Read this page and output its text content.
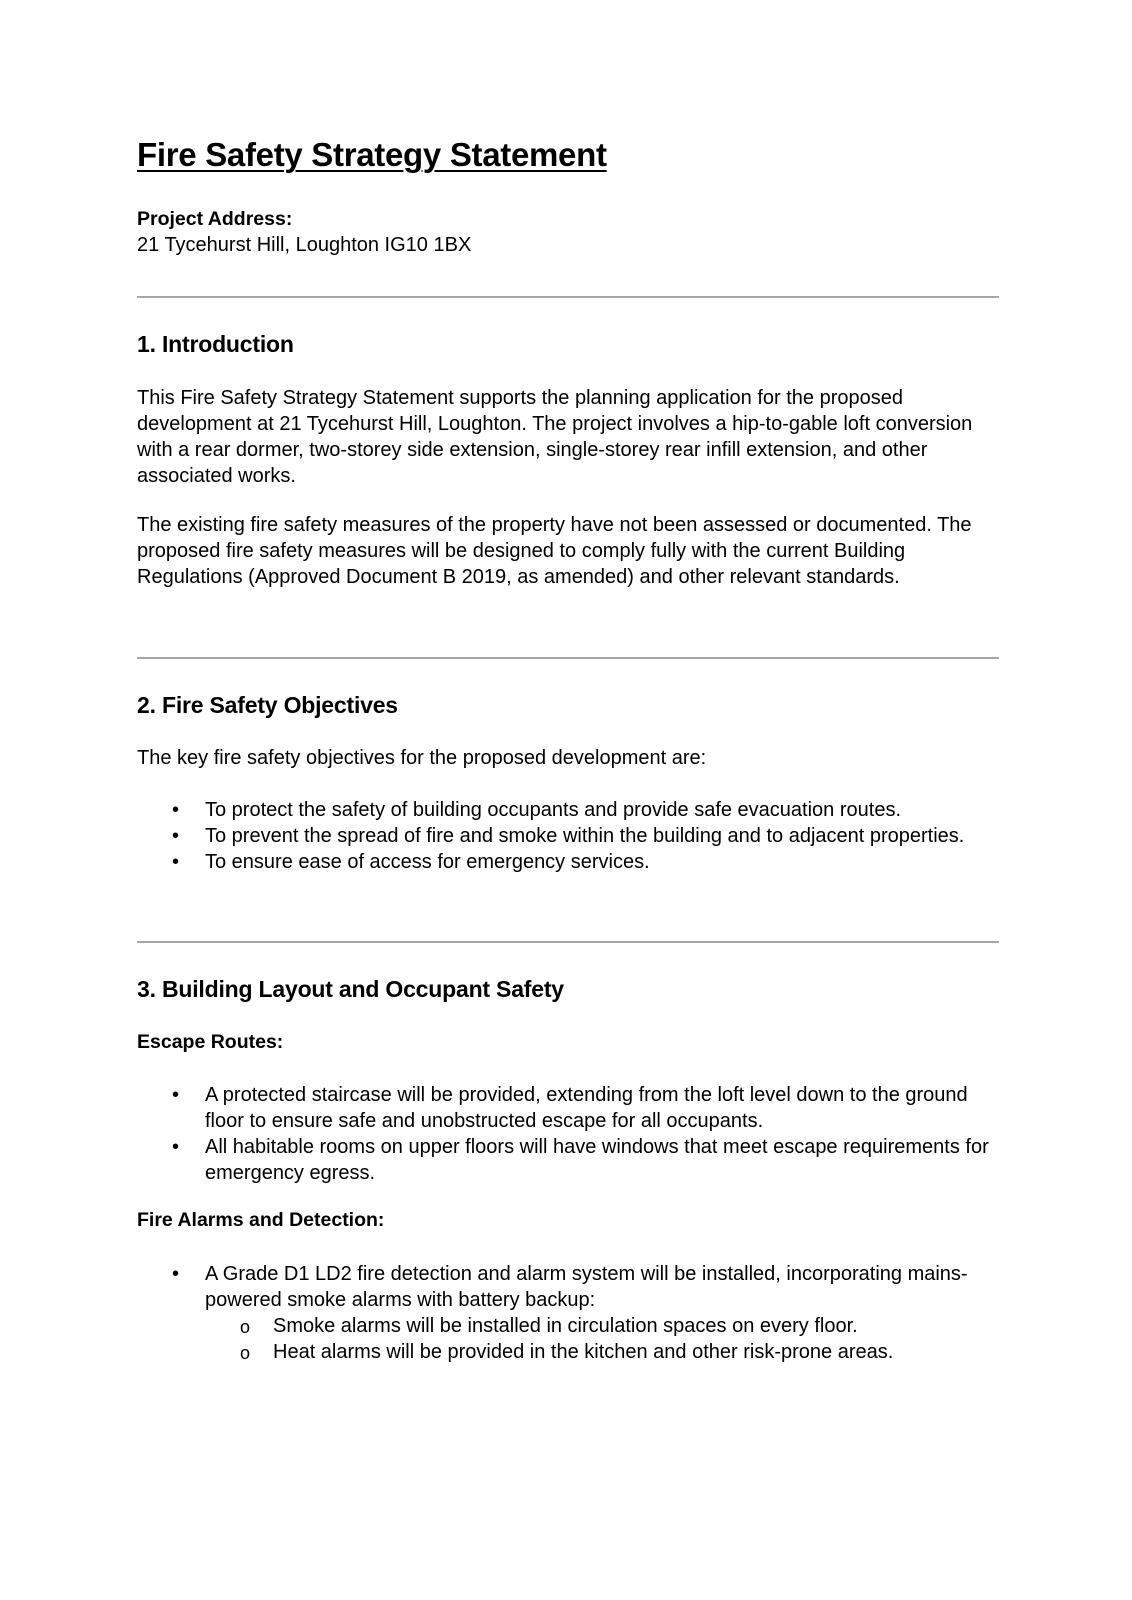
Fire Safety Strategy Statement

Project Address:

21 Tycehurst Hill, Loughton IG10 1BX

1. Introduction

This Fire Safety Strategy Statement supports the planning application for the proposed development at 21 Tycehurst Hill, Loughton. The project involves a hip-to-gable loft conversion with a rear dormer, two-storey side extension, single-storey rear infill extension, and other associated works.

The existing fire safety measures of the property have not been assessed or documented. The proposed fire safety measures will be designed to comply fully with the current Building Regulations (Approved Document B 2019, as amended) and other relevant standards.

2. Fire Safety Objectives

The key fire safety objectives for the proposed development are:

• To protect the safety of building occupants and provide safe evacuation routes.
• To prevent the spread of fire and smoke within the building and to adjacent properties.
• To ensure ease of access for emergency services.
3. Building Layout and Occupant Safety

Escape Routes:

• A protected staircase will be provided, extending from the loft level down to the ground floor to ensure safe and unobstructed escape for all occupants.
• All habitable rooms on upper floors will have windows that meet escape requirements for emergency egress.

Fire Alarms and Detection:

• A Grade D1 LD2 fire detection and alarm system will be installed, incorporating mains-powered smoke alarms with battery backup:
o Smoke alarms will be installed in circulation spaces on every floor.
o Heat alarms will be provided in the kitchen and other risk-prone areas.
